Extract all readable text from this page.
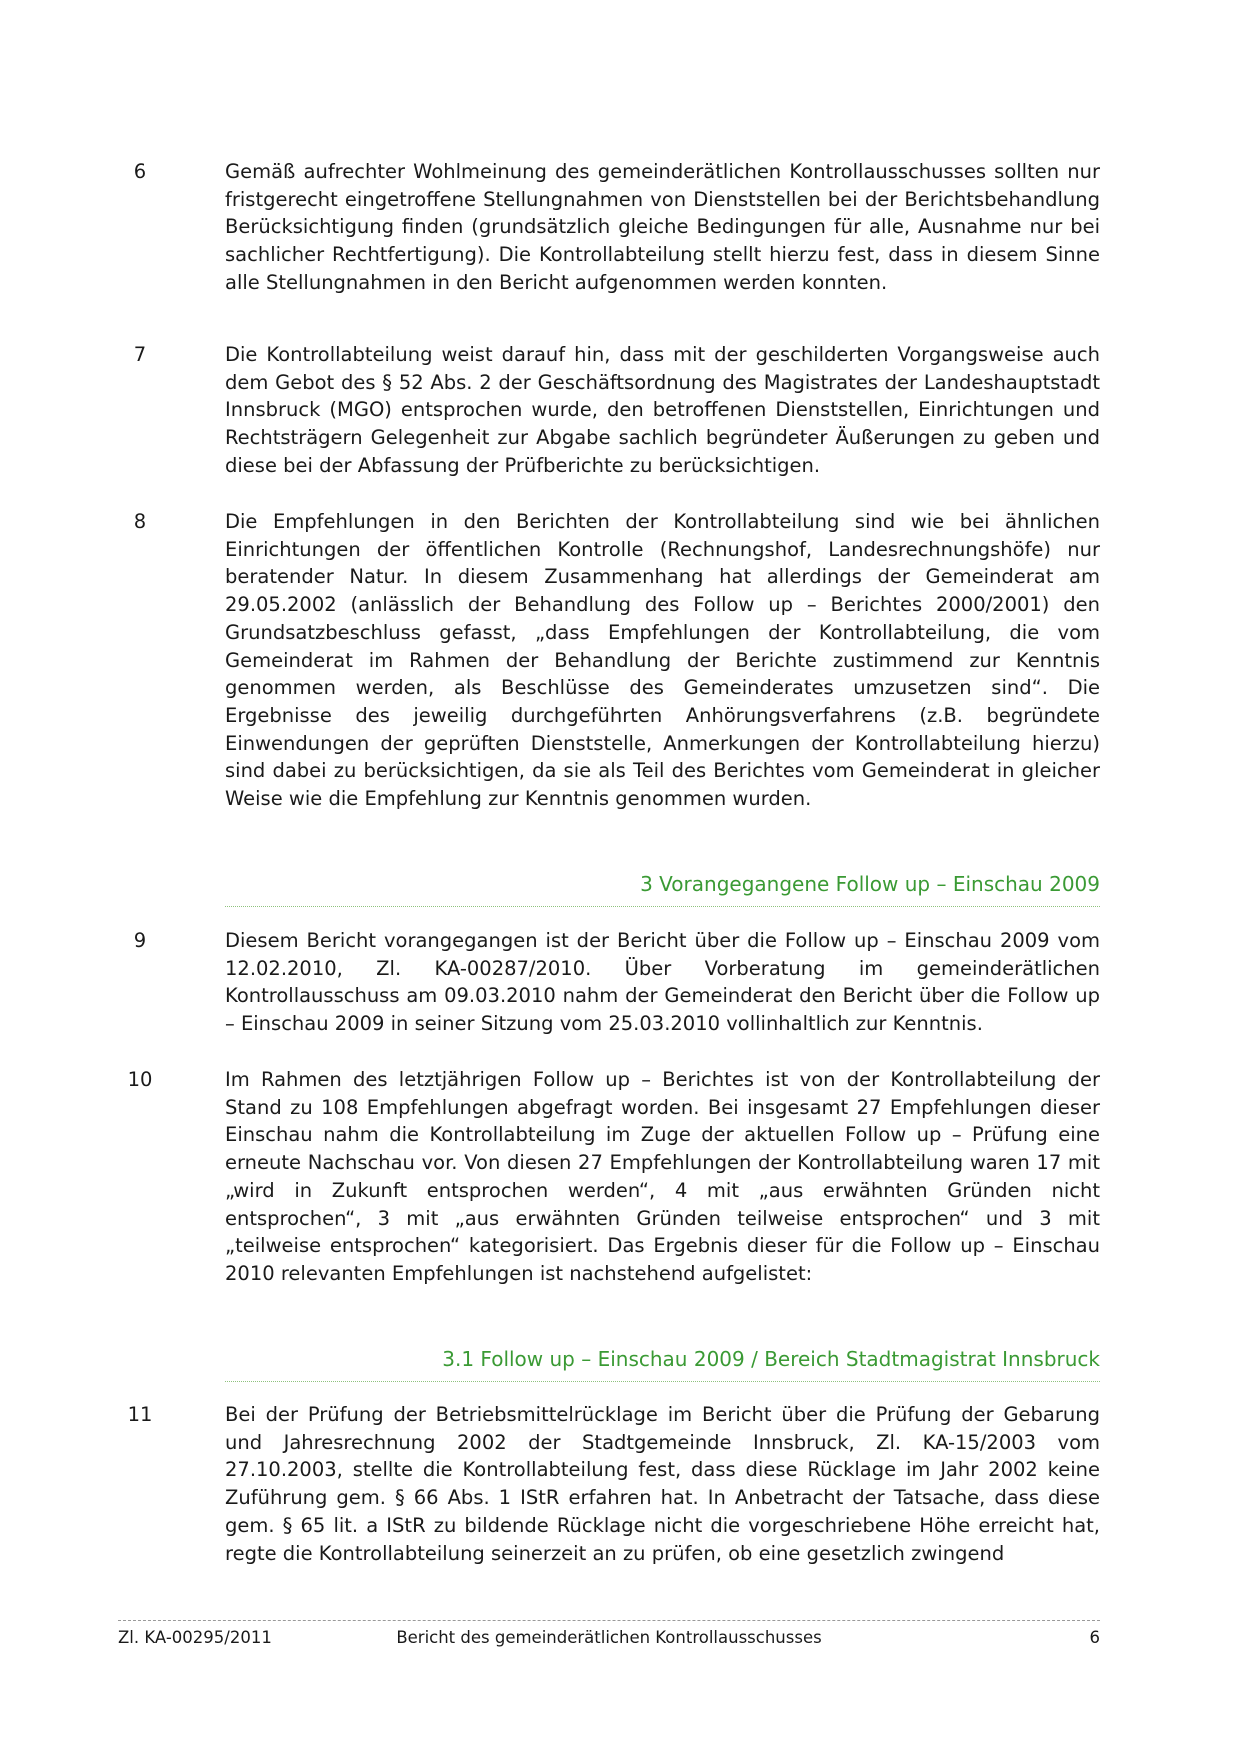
6	Gemäß aufrechter Wohlmeinung des gemeinderätlichen Kontrollausschusses sollten nur fristgerecht eingetroffene Stellungnahmen von Dienststellen bei der Berichtsbehandlung Berücksichtigung finden (grundsätzlich gleiche Bedingungen für alle, Ausnahme nur bei sachlicher Rechtfertigung). Die Kontrollabteilung stellt hierzu fest, dass in diesem Sinne alle Stellungnahmen in den Bericht aufgenommen werden konnten.
7	Die Kontrollabteilung weist darauf hin, dass mit der geschilderten Vorgangsweise auch dem Gebot des § 52 Abs. 2 der Geschäftsordnung des Magistrates der Landeshauptstadt Innsbruck (MGO) entsprochen wurde, den betroffenen Dienststellen, Einrichtungen und Rechtsträgern Gelegenheit zur Abgabe sachlich begründeter Äußerungen zu geben und diese bei der Abfassung der Prüfberichte zu berücksichtigen.
8	Die Empfehlungen in den Berichten der Kontrollabteilung sind wie bei ähnlichen Einrichtungen der öffentlichen Kontrolle (Rechnungshof, Landesrechnungshöfe) nur beratender Natur. In diesem Zusammenhang hat allerdings der Gemeinderat am 29.05.2002 (anlässlich der Behandlung des Follow up – Berichtes 2000/2001) den Grundsatzbeschluss gefasst, „dass Empfehlungen der Kontrollabteilung, die vom Gemeinderat im Rahmen der Behandlung der Berichte zustimmend zur Kenntnis genommen werden, als Beschlüsse des Gemeinderates umzusetzen sind“. Die Ergebnisse des jeweilig durchgeführten Anhörungsverfahrens (z.B. begründete Einwendungen der geprüften Dienststelle, Anmerkungen der Kontrollabteilung hierzu) sind dabei zu berücksichtigen, da sie als Teil des Berichtes vom Gemeinderat in gleicher Weise wie die Empfehlung zur Kenntnis genommen wurden.
3 Vorangegangene Follow up – Einschau 2009
9	Diesem Bericht vorangegangen ist der Bericht über die Follow up – Einschau 2009 vom 12.02.2010, Zl. KA-00287/2010. Über Vorberatung im gemeinderätlichen Kontrollausschuss am 09.03.2010 nahm der Gemeinderat den Bericht über die Follow up – Einschau 2009 in seiner Sitzung vom 25.03.2010 vollinhaltlich zur Kenntnis.
10	Im Rahmen des letztjährigen Follow up – Berichtes ist von der Kontrollabteilung der Stand zu 108 Empfehlungen abgefragt worden. Bei insgesamt 27 Empfehlungen dieser Einschau nahm die Kontrollabteilung im Zuge der aktuellen Follow up – Prüfung eine erneute Nachschau vor. Von diesen 27 Empfehlungen der Kontrollabteilung waren 17 mit „wird in Zukunft entsprochen werden“, 4 mit „aus erwähnten Gründen nicht entsprochen“, 3 mit „aus erwähnten Gründen teilweise entsprochen“ und 3 mit „teilweise entsprochen“ kategorisiert. Das Ergebnis dieser für die Follow up – Einschau 2010 relevanten Empfehlungen ist nachstehend aufgelistet:
3.1 Follow up – Einschau 2009 / Bereich Stadtmagistrat Innsbruck
11	Bei der Prüfung der Betriebsmittelrücklage im Bericht über die Prüfung der Gebarung und Jahresrechnung 2002 der Stadtgemeinde Innsbruck, Zl. KA-15/2003 vom 27.10.2003, stellte die Kontrollabteilung fest, dass diese Rücklage im Jahr 2002 keine Zuführung gem. § 66 Abs. 1 IStR erfahren hat. In Anbetracht der Tatsache, dass diese gem. § 65 lit. a IStR zu bildende Rücklage nicht die vorgeschriebene Höhe erreicht hat, regte die Kontrollabteilung seinerzeit an zu prüfen, ob eine gesetzlich zwingend
Zl. KA-00295/2011	Bericht des gemeinderätlichen Kontrollausschusses	6
